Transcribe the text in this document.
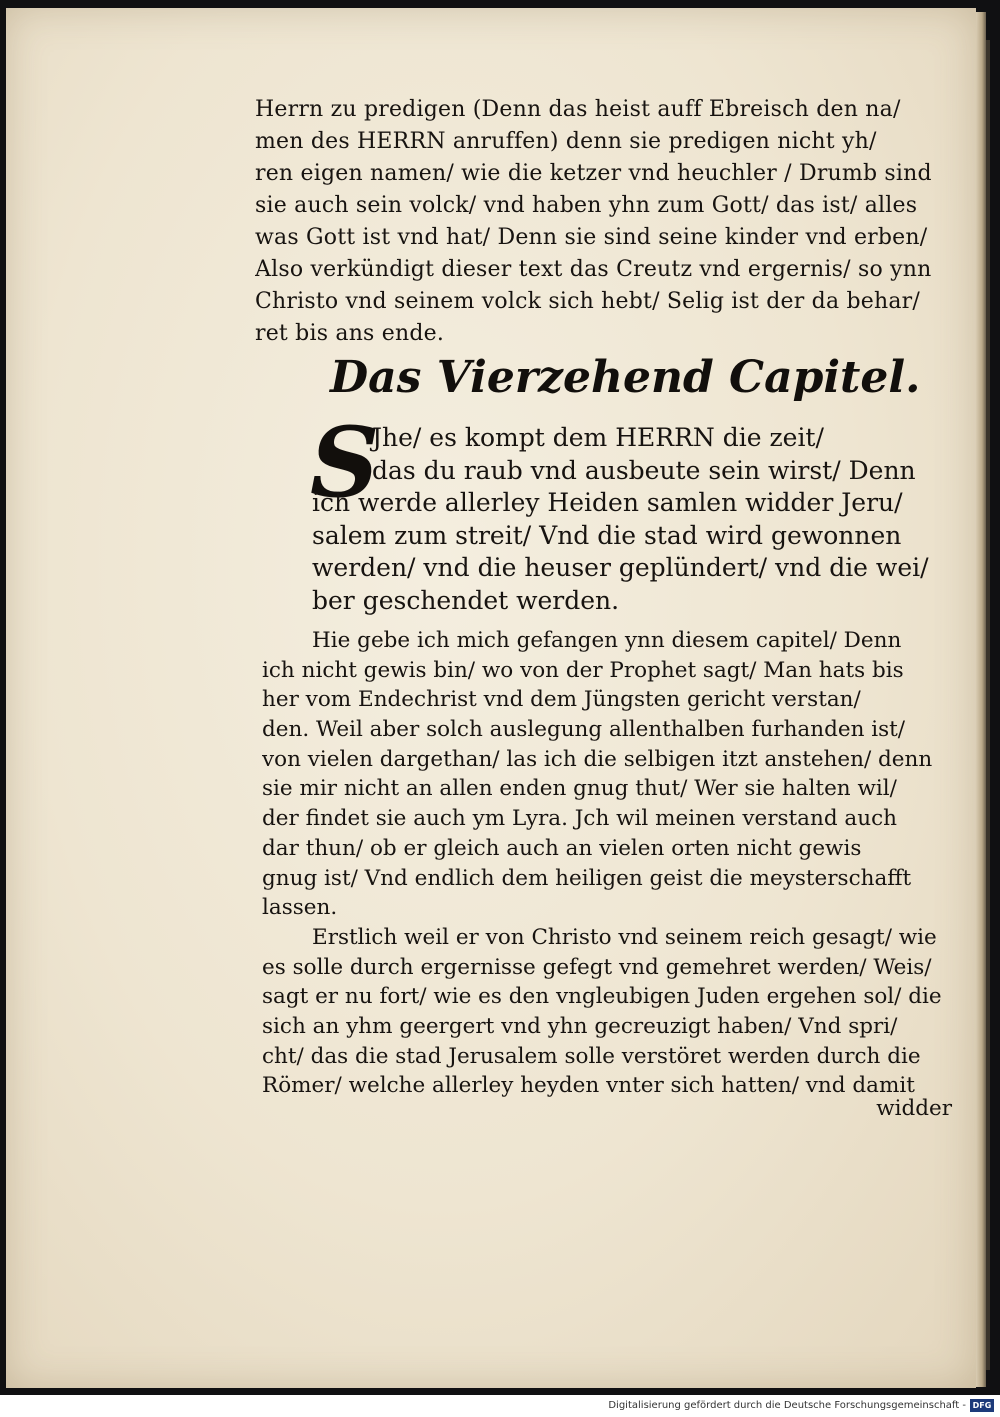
Herrn zu predigen (Denn das heist auff Ebreisch den na/
men des HERRN anruffen) denn sie predigen nicht yh/
ren eigen namen/ wie die ketzer vnd heuchler / Drumb sind
sie auch sein volck/ vnd haben yhn zum Gott/ das ist/ alles
was Gott ist vnd hat/ Denn sie sind seine kinder vnd erben/
Also verkündigt dieser text das Creutz vnd ergernis/ so ynn
Christo vnd seinem volck sich hebt/ Selig ist der da behar/
ret bis ans ende.
Das Vierzehend Capitel.
S
Jhe/ es kompt dem HERRN die zeit/
das du raub vnd ausbeute sein wirst/ Denn
ich werde allerley Heiden samlen widder Jeru/
salem zum streit/ Vnd die stad wird gewonnen
werden/ vnd die heuser geplündert/ vnd die wei/
ber geschendet werden.
Hie gebe ich mich gefangen ynn diesem capitel/ Denn
ich nicht gewis bin/ wo von der Prophet sagt/ Man hats bis
her vom Endechrist vnd dem Jüngsten gericht verstan/
den. Weil aber solch auslegung allenthalben furhanden ist/
von vielen dargethan/ las ich die selbigen itzt anstehen/ denn
sie mir nicht an allen enden gnug thut/ Wer sie halten wil/
der findet sie auch ym Lyra. Jch wil meinen verstand auch
dar thun/ ob er gleich auch an vielen orten nicht gewis
gnug ist/ Vnd endlich dem heiligen geist die meysterschafft
lassen.
Erstlich weil er von Christo vnd seinem reich gesagt/ wie
es solle durch ergernisse gefegt vnd gemehret werden/ Weis/
sagt er nu fort/ wie es den vngleubigen Juden ergehen sol/ die
sich an yhm geergert vnd yhn gecreuzigt haben/ Vnd spri/
cht/ das die stad Jerusalem solle verstöret werden durch die
Römer/ welche allerley heyden vnter sich hatten/ vnd damit
widder
Digitalisierung gefördert durch die Deutsche Forschungsgemeinschaft - DFG
